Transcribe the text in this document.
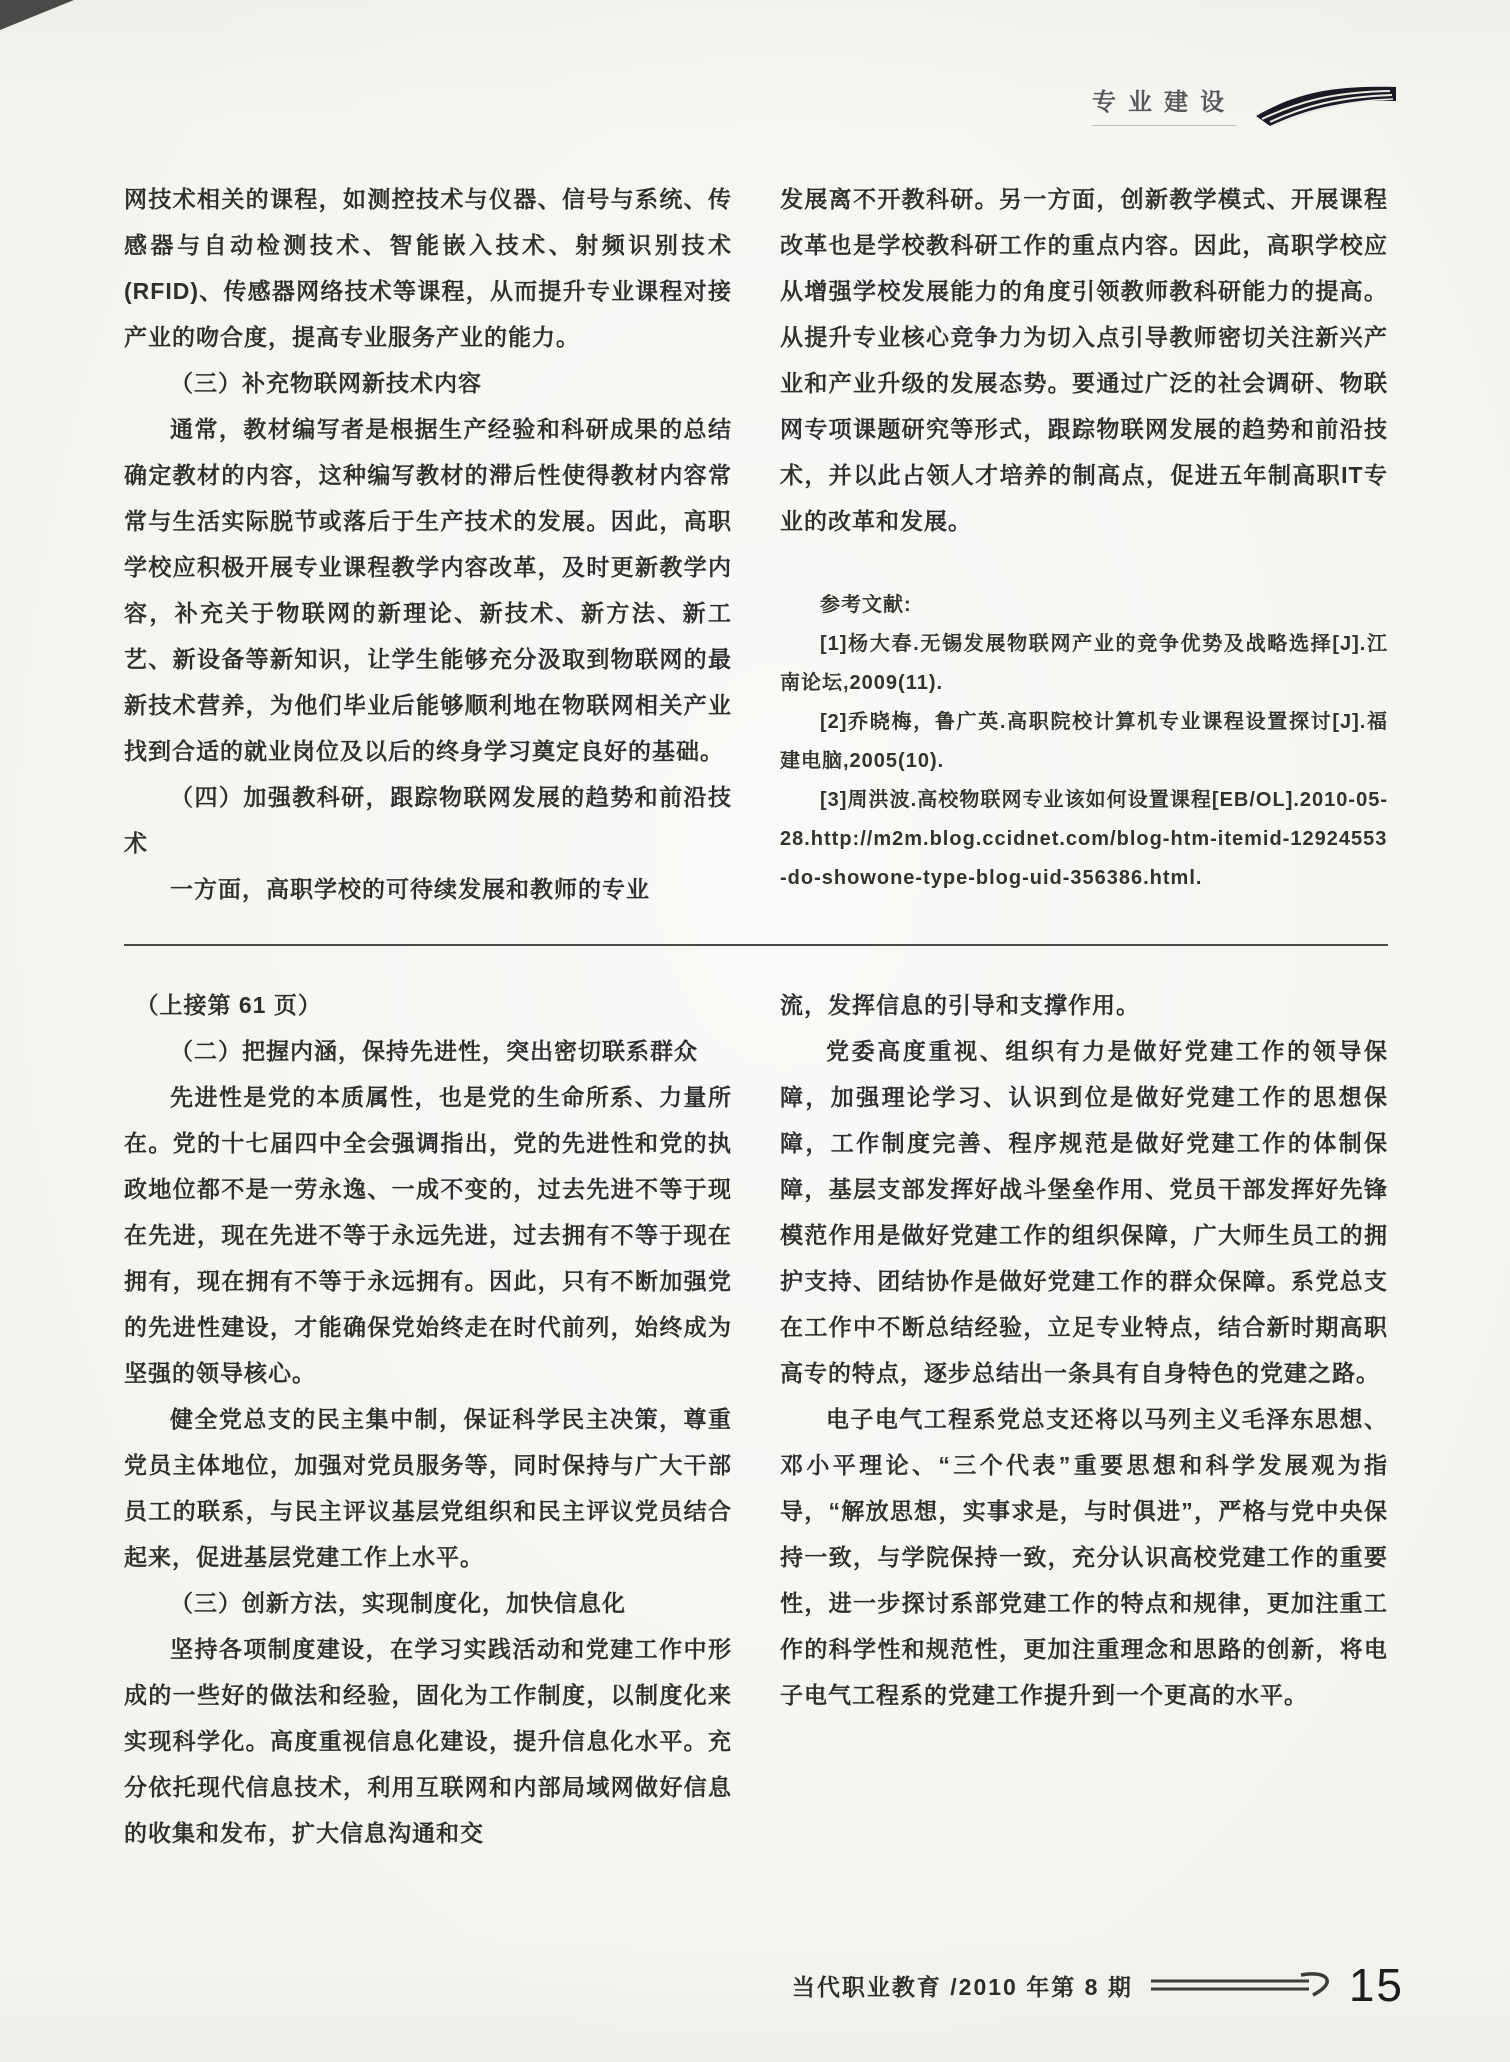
专业建设

网技术相关的课程，如测控技术与仪器、信号与系统、传感器与自动检测技术、智能嵌入技术、射频识别技术(RFID)、传感器网络技术等课程，从而提升专业课程对接产业的吻合度，提高专业服务产业的能力。

（三）补充物联网新技术内容

通常，教材编写者是根据生产经验和科研成果的总结确定教材的内容，这种编写教材的滞后性使得教材内容常常与生活实际脱节或落后于生产技术的发展。因此，高职学校应积极开展专业课程教学内容改革，及时更新教学内容，补充关于物联网的新理论、新技术、新方法、新工艺、新设备等新知识，让学生能够充分汲取到物联网的最新技术营养，为他们毕业后能够顺利地在物联网相关产业找到合适的就业岗位及以后的终身学习奠定良好的基础。

（四）加强教科研，跟踪物联网发展的趋势和前沿技术

一方面，高职学校的可待续发展和教师的专业

发展离不开教科研。另一方面，创新教学模式、开展课程改革也是学校教科研工作的重点内容。因此，高职学校应从增强学校发展能力的角度引领教师教科研能力的提高。从提升专业核心竞争力为切入点引导教师密切关注新兴产业和产业升级的发展态势。要通过广泛的社会调研、物联网专项课题研究等形式，跟踪物联网发展的趋势和前沿技术，并以此占领人才培养的制高点，促进五年制高职IT专业的改革和发展。

参考文献:

[1]杨大春.无锡发展物联网产业的竞争优势及战略选择[J].江南论坛,2009(11).

[2]乔晓梅，鲁广英.高职院校计算机专业课程设置探讨[J].福建电脑,2005(10).

[3]周洪波.高校物联网专业该如何设置课程[EB/OL].2010-05-28.http://m2m.blog.ccidnet.com/blog-htm-itemid-12924553-do-showone-type-blog-uid-356386.html.

（上接第 61 页）

（二）把握内涵，保持先进性，突出密切联系群众

先进性是党的本质属性，也是党的生命所系、力量所在。党的十七届四中全会强调指出，党的先进性和党的执政地位都不是一劳永逸、一成不变的，过去先进不等于现在先进，现在先进不等于永远先进，过去拥有不等于现在拥有，现在拥有不等于永远拥有。因此，只有不断加强党的先进性建设，才能确保党始终走在时代前列，始终成为坚强的领导核心。

健全党总支的民主集中制，保证科学民主决策，尊重党员主体地位，加强对党员服务等，同时保持与广大干部员工的联系，与民主评议基层党组织和民主评议党员结合起来，促进基层党建工作上水平。

（三）创新方法，实现制度化，加快信息化

坚持各项制度建设，在学习实践活动和党建工作中形成的一些好的做法和经验，固化为工作制度，以制度化来实现科学化。高度重视信息化建设，提升信息化水平。充分依托现代信息技术，利用互联网和内部局域网做好信息的收集和发布，扩大信息沟通和交

流，发挥信息的引导和支撑作用。

党委高度重视、组织有力是做好党建工作的领导保障，加强理论学习、认识到位是做好党建工作的思想保障，工作制度完善、程序规范是做好党建工作的体制保障，基层支部发挥好战斗堡垒作用、党员干部发挥好先锋模范作用是做好党建工作的组织保障，广大师生员工的拥护支持、团结协作是做好党建工作的群众保障。系党总支在工作中不断总结经验，立足专业特点，结合新时期高职高专的特点，逐步总结出一条具有自身特色的党建之路。

电子电气工程系党总支还将以马列主义毛泽东思想、邓小平理论、“三个代表”重要思想和科学发展观为指导，“解放思想，实事求是，与时俱进”，严格与党中央保持一致，与学院保持一致，充分认识高校党建工作的重要性，进一步探讨系部党建工作的特点和规律，更加注重工作的科学性和规范性，更加注重理念和思路的创新，将电子电气工程系的党建工作提升到一个更高的水平。

当代职业教育 /2010 年第 8 期	15
